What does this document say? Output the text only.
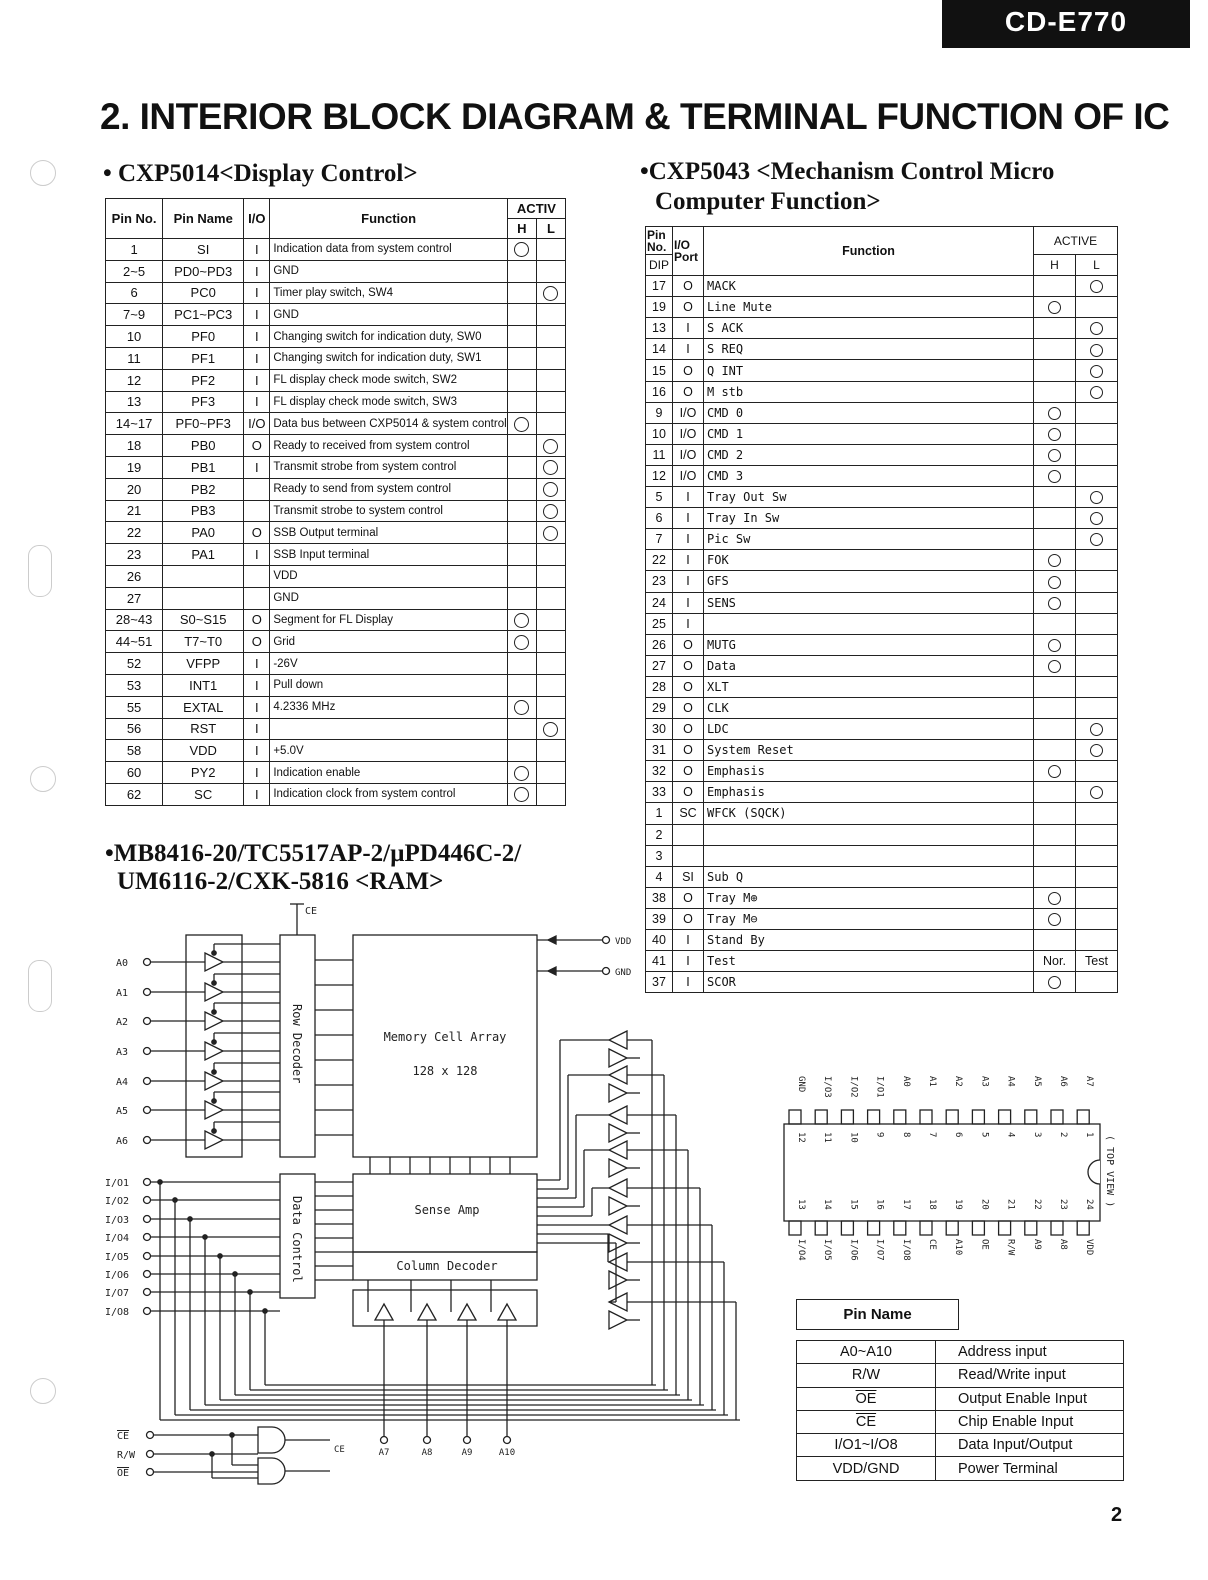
CD-E770
2. INTERIOR BLOCK DIAGRAM & TERMINAL FUNCTION OF IC
• CXP5014<Display Control>
Pin No.	Pin Name	I/O	Function	ACTIV	
				H	L
1	SI	I	Indication data from system control		
2~5	PD0~PD3	I	GND		
6	PC0	I	Timer play switch, SW4		
7~9	PC1~PC3	I	GND		
10	PF0	I	Changing switch for indication duty, SW0		
11	PF1	I	Changing switch for indication duty, SW1		
12	PF2	I	FL display check mode switch, SW2		
13	PF3	I	FL display check mode switch, SW3		
14~17	PF0~PF3	I/O	Data bus between CXP5014 & system control		
18	PB0	O	Ready to received from system control		
19	PB1	I	Transmit strobe from system control		
20	PB2		Ready to send from system control		
21	PB3		Transmit strobe to system control		
22	PA0	O	SSB Output terminal		
23	PA1	I	SSB Input terminal		
26			VDD		
27			GND		
28~43	S0~S15	O	Segment for FL Display		
44~51	T7~T0	O	Grid		
52	VFPP	I	-26V		
53	INT1	I	Pull down		
55	EXTAL	I	4.2336 MHz		
56	RST	I			
58	VDD	I	+5.0V		
60	PY2	I	Indication enable		
62	SC	I	Indication clock from system control		
•CXP5043 <Mechanism Control Micro
Computer Function>
Pin No.	I/O Port	Function	ACTIVE	
DIP			H	L
17	O	MACK		
19	O	Line Mute		
13	I	S ACK		
14	I	S REQ		
15	O	Q INT		
16	O	M stb		
9	I/O	CMD 0		
10	I/O	CMD 1		
11	I/O	CMD 2		
12	I/O	CMD 3		
5	I	Tray Out Sw		
6	I	Tray In Sw		
7	I	Pic Sw		
22	I	FOK		
23	I	GFS		
24	I	SENS		
25	I			
26	O	MUTG		
27	O	Data		
28	O	XLT		
29	O	CLK		
30	O	LDC		
31	O	System Reset		
32	O	Emphasis		
33	O	Emphasis		
1	SC	WFCK (SQCK)		
2				
3				
4	SI	Sub Q		
38	O	Tray M⊕		
39	O	Tray M⊖		
40	I	Stand By		
41	I	Test	Nor.	Test
37	I	SCOR		
•MB8416-20/TC5517AP-2/µPD446C-2/
UM6116-2/CXK-5816 <RAM>
A0
A1
A2
A3
A4
A5
A6
Row Decoder
CE
Memory Cell Array
128 x 128
VDD
GND
Sense Amp
Column Decoder
A7	A8	A9	A10
Data Control
I/O1
I/O2
I/O3
I/O4
I/O5
I/O6
I/O7
I/O8
CE
R/W
OE
CE
GND
12
I/O3
11
I/O2
10
I/O1
9
A0
8
A1
7
A2
6
A3
5
A4
4
A5
3
A6
2
A7
1
13
I/O4
14
I/O5
15
I/O6
16
I/O7
17
I/O8
18
CE
19
A10
20
OE
21
R/W
22
A9
23
A8
24
VDD
( TOP VIEW )
Pin Name
A0~A10	Address input
R/W	Read/Write input
$\overline{OE}$	Output Enable Input
$\overline{CE}$	Chip Enable Input
I/O1~I/O8	Data Input/Output
VDD/GND	Power Terminal
2
